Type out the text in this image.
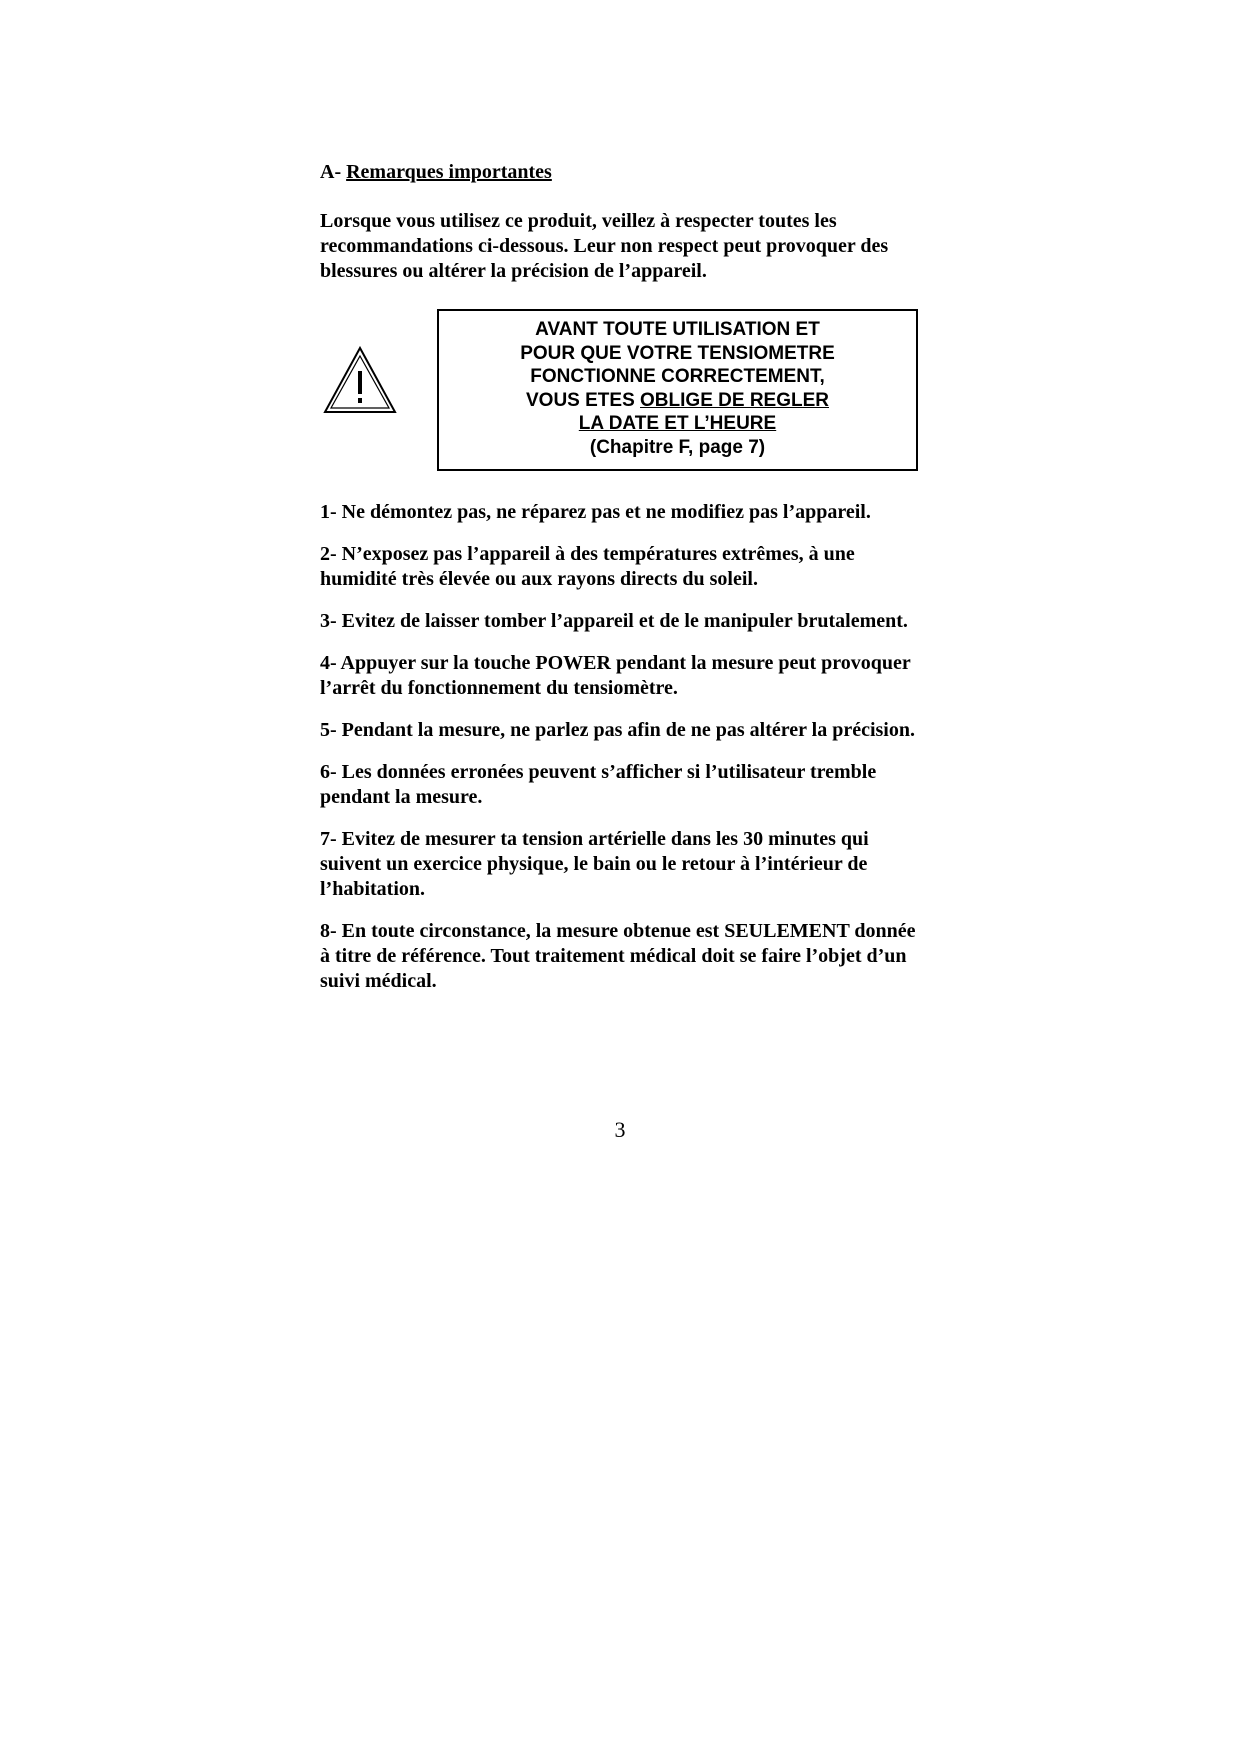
A- Remarques importantes

Lorsque vous utilisez ce produit, veillez à respecter toutes les recommandations ci-dessous. Leur non respect peut provoquer des blessures ou altérer la précision de l’appareil.

AVANT TOUTE UTILISATION ET
POUR QUE VOTRE TENSIOMETRE
FONCTIONNE CORRECTEMENT,
VOUS ETES OBLIGE DE REGLER
LA DATE ET L’HEURE
(Chapitre F, page 7)
1- Ne démontez pas, ne réparez pas et ne modifiez pas l’appareil.
2- N’exposez pas l’appareil à des températures extrêmes, à une humidité très élevée ou aux rayons directs du soleil.
3- Evitez de laisser tomber l’appareil et de le manipuler brutalement.
4- Appuyer sur la touche POWER pendant la mesure peut provoquer l’arrêt du fonctionnement du tensiomètre.
5- Pendant la mesure, ne parlez pas afin de ne pas altérer la précision.
6- Les données erronées peuvent s’afficher si l’utilisateur tremble pendant la mesure.
7- Evitez de mesurer ta tension artérielle dans les 30 minutes qui suivent un exercice physique, le bain ou le retour à l’intérieur de l’habitation.
8- En toute circonstance, la mesure obtenue est SEULEMENT donnée à titre de référence. Tout traitement médical doit se faire l’objet d’un suivi médical.

3
